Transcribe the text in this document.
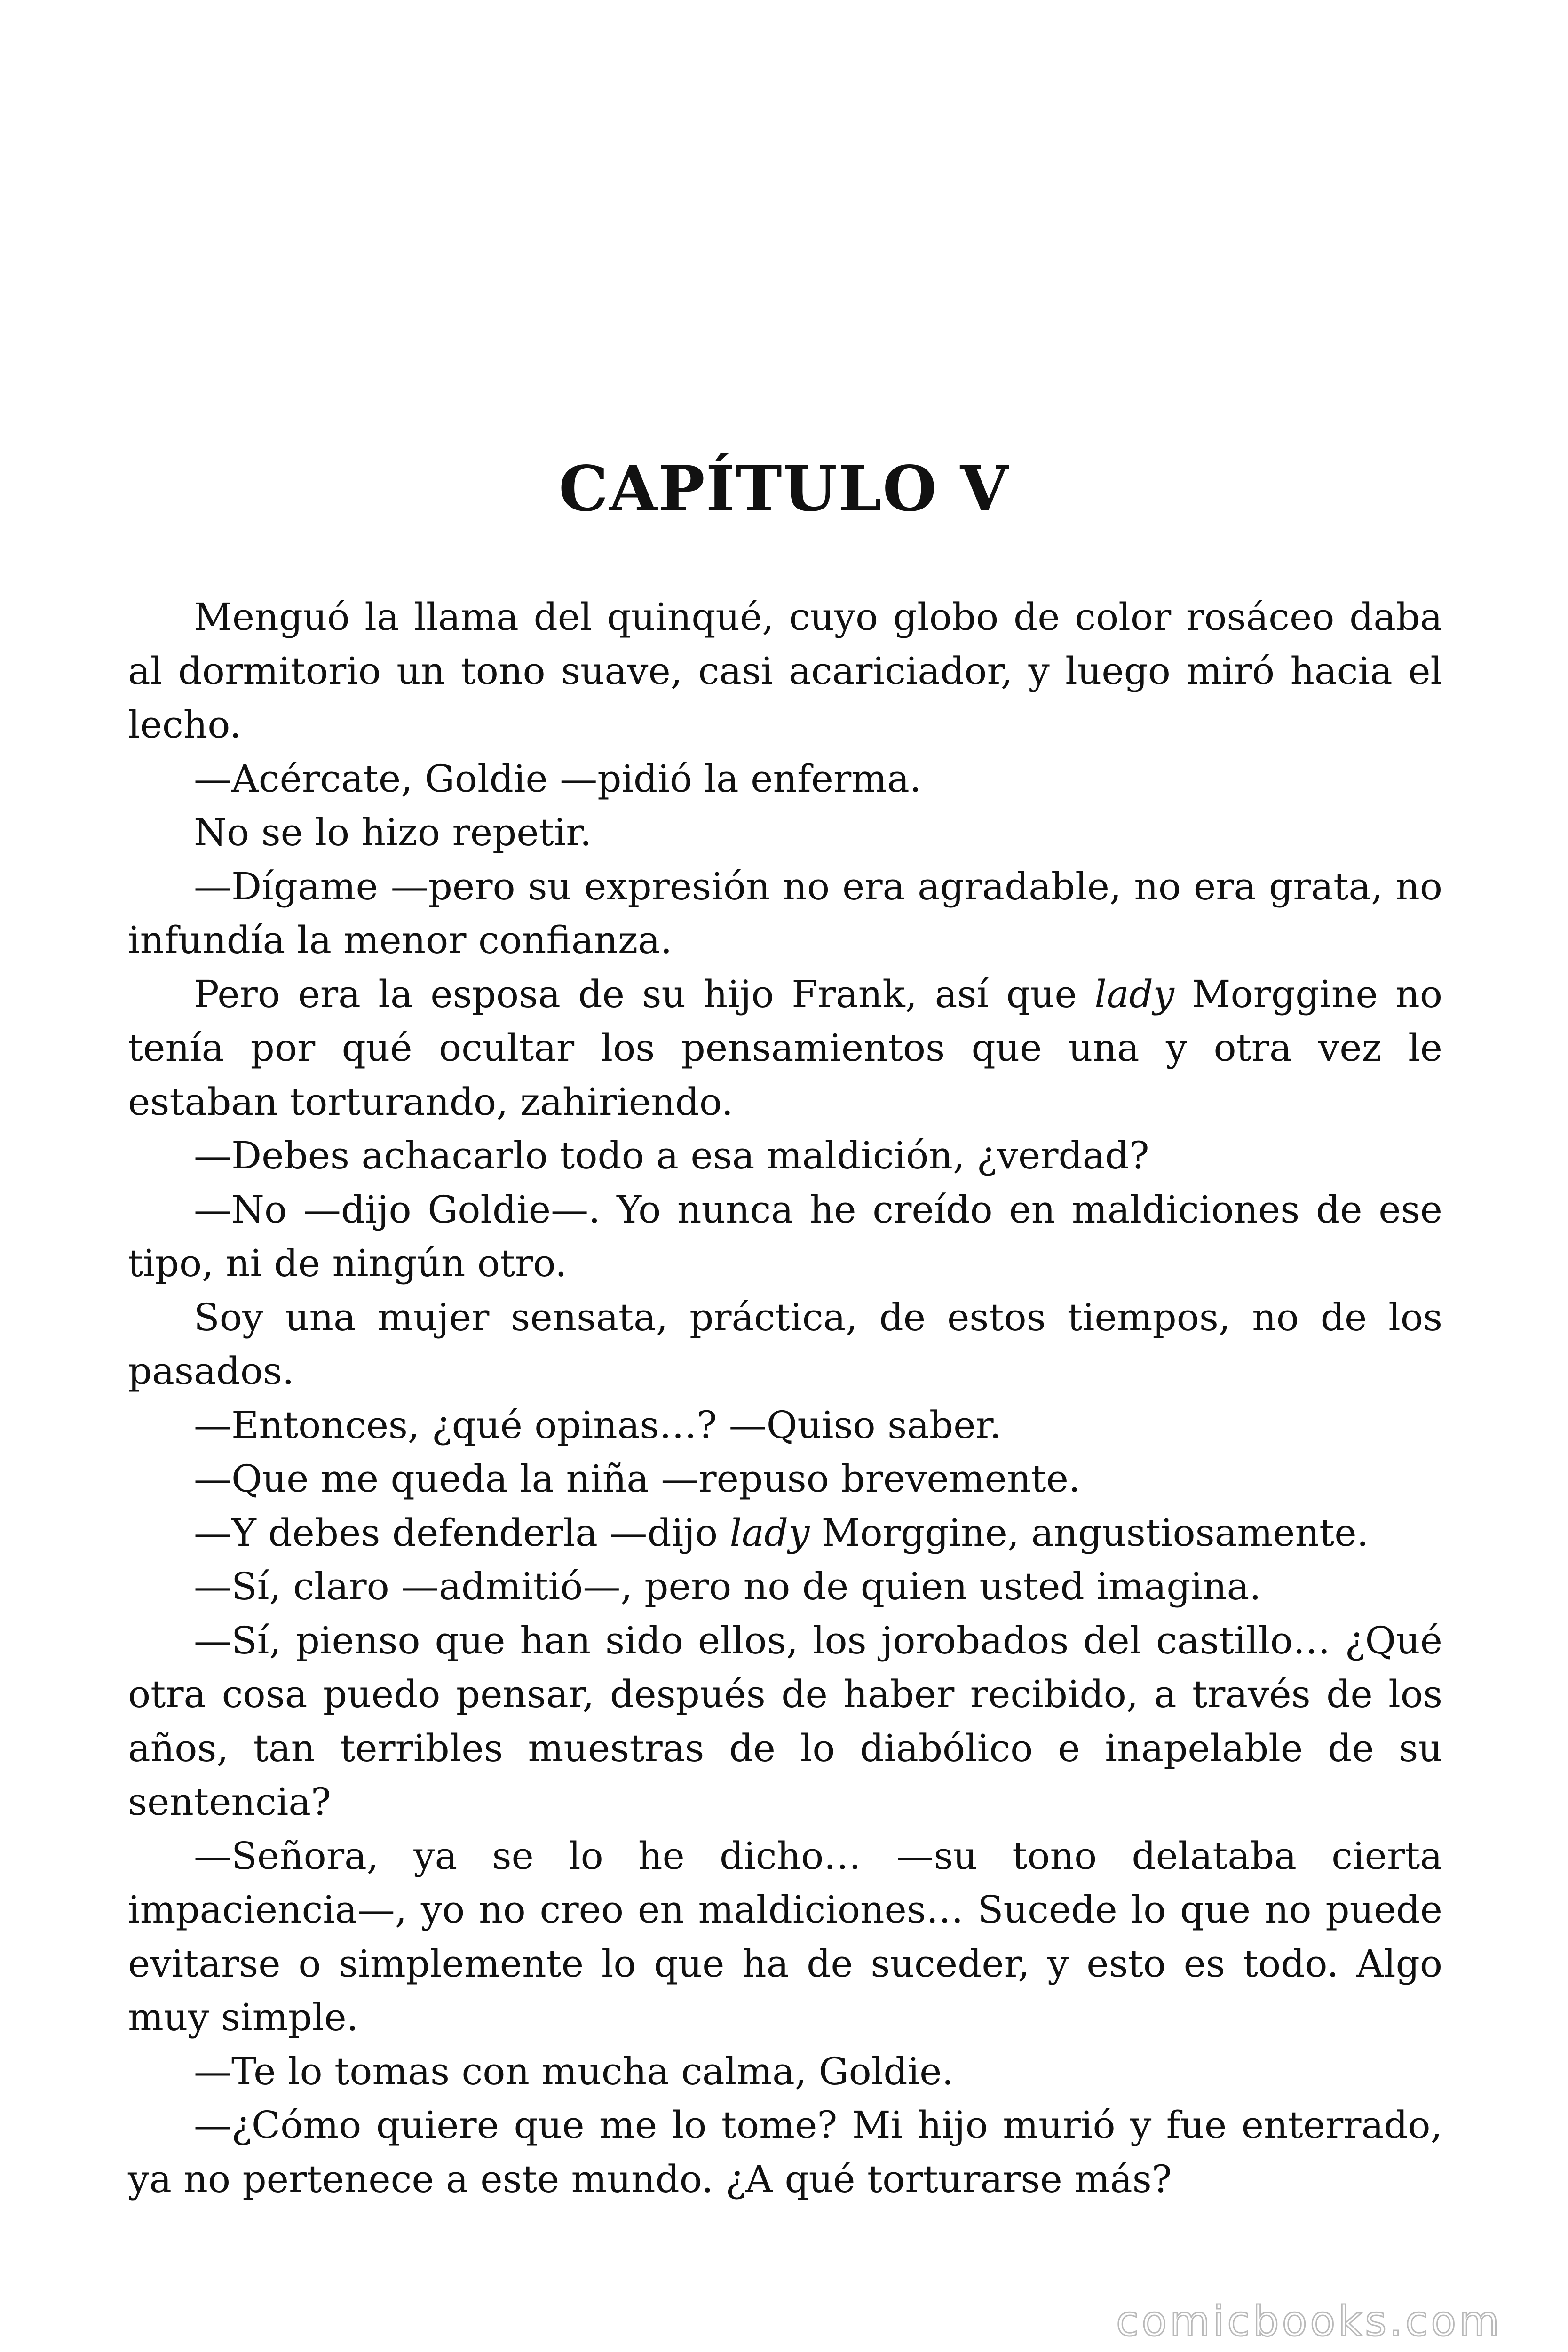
CAPÍTULO V

Menguó la llama del quinqué, cuyo globo de color rosáceo daba al dormitorio un tono suave, casi acariciador, y luego miró hacia el lecho.

—Acércate, Goldie —pidió la enferma.

No se lo hizo repetir.

—Dígame —pero su expresión no era agradable, no era grata, no infundía la menor confianza.

Pero era la esposa de su hijo Frank, así que lady Morggine no tenía por qué ocultar los pensamientos que una y otra vez le estaban torturando, zahiriendo.

—Debes achacarlo todo a esa maldición, ¿verdad?

—No —dijo Goldie—. Yo nunca he creído en maldiciones de ese tipo, ni de ningún otro.

Soy una mujer sensata, práctica, de estos tiempos, no de los pasados.

—Entonces, ¿qué opinas…? —Quiso saber.

—Que me queda la niña —repuso brevemente.

—Y debes defenderla —dijo lady Morggine, angustiosamente.

—Sí, claro —admitió—, pero no de quien usted imagina.

—Sí, pienso que han sido ellos, los jorobados del castillo… ¿Qué otra cosa puedo pensar, después de haber recibido, a través de los años, tan terribles muestras de lo diabólico e inapelable de su sentencia?

—Señora, ya se lo he dicho… —su tono delataba cierta impaciencia—, yo no creo en maldiciones… Sucede lo que no puede evitarse o simplemente lo que ha de suceder, y esto es todo. Algo muy simple.

—Te lo tomas con mucha calma, Goldie.

—¿Cómo quiere que me lo tome? Mi hijo murió y fue enterrado, ya no pertenece a este mundo. ¿A qué torturarse más?

comicbooks.com
